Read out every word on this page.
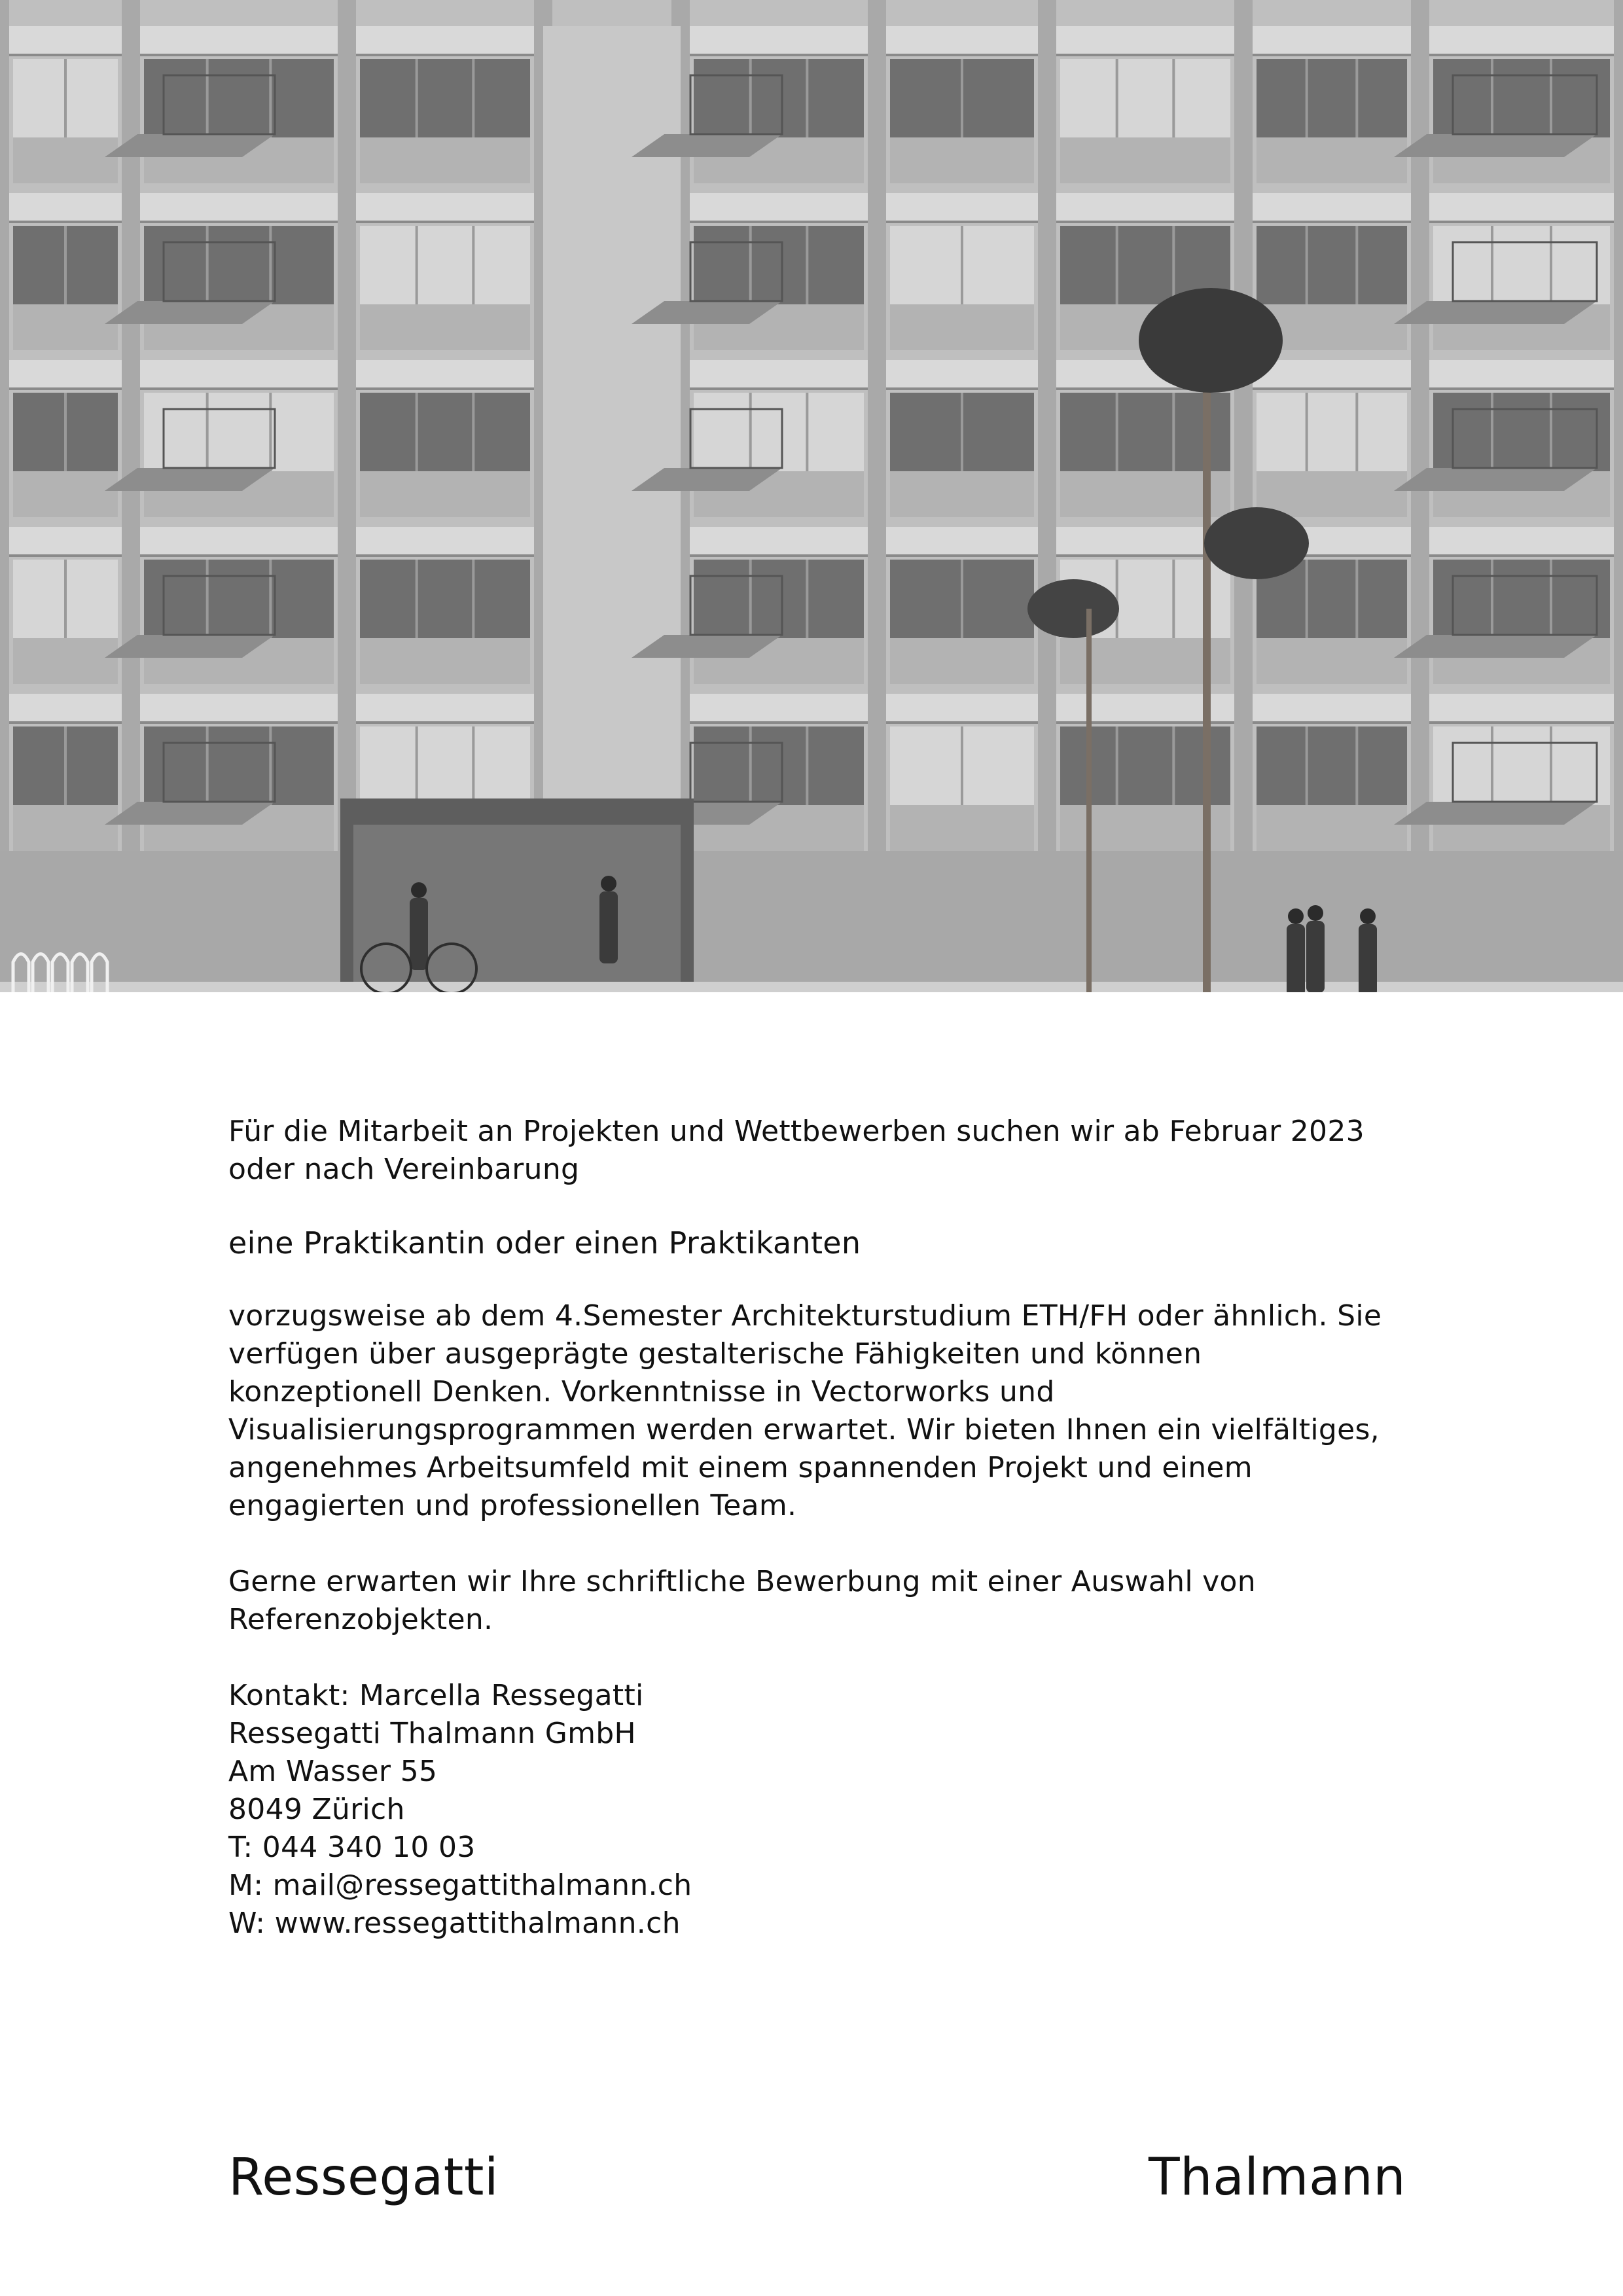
Für die Mitarbeit an Projekten und Wettbewerben suchen wir ab Februar 2023 oder nach Vereinbarung

eine Praktikantin oder einen Praktikanten

vorzugsweise ab dem 4.Semester Architekturstudium ETH/FH oder ähnlich. Sie verfügen über ausgeprägte gestalterische Fähigkeiten und können konzeptionell Denken. Vorkenntnisse in Vectorworks und Visualisierungsprogrammen werden erwartet. Wir bieten Ihnen ein vielfältiges, angenehmes Arbeitsumfeld mit einem spannenden Projekt und einem engagierten und professionellen Team.

Gerne erwarten wir Ihre schriftliche Bewerbung mit einer Auswahl von Referenzobjekten.

Kontakt: Marcella Ressegatti

Ressegatti Thalmann GmbH

Am Wasser 55

8049 Zürich

T: 044 340 10 03

M: mail@ressegattithalmann.ch

W: www.ressegattithalmann.ch

Ressegatti	Thalmann
